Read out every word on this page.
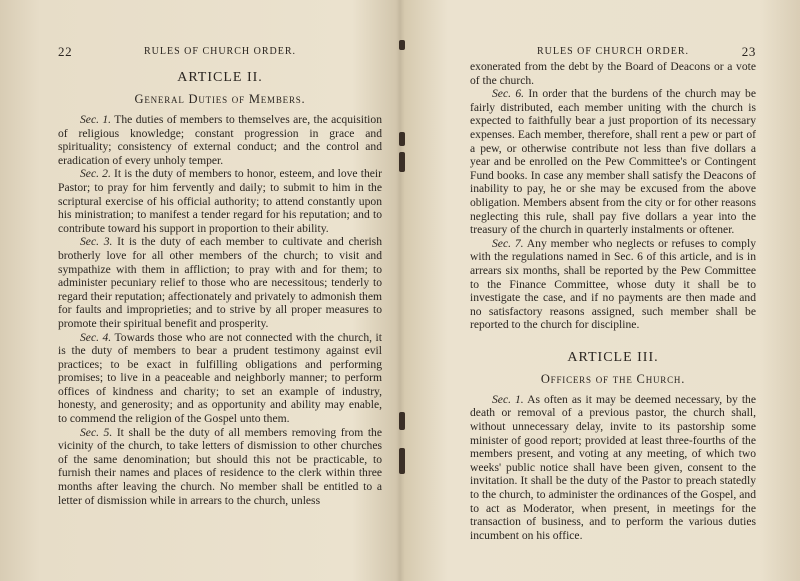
22	RULES OF CHURCH ORDER.
ARTICLE II.
General Duties of Members.

Sec. 1. The duties of members to themselves are, the acquisition of religious knowledge; constant progression in grace and spirituality; consistency of external conduct; and the control and eradication of every unholy temper.

Sec. 2. It is the duty of members to honor, esteem, and love their Pastor; to pray for him fervently and daily; to submit to him in the scriptural exercise of his official authority; to attend constantly upon his ministration; to manifest a tender regard for his reputation; and to contribute toward his support in proportion to their ability.

Sec. 3. It is the duty of each member to cultivate and cherish brotherly love for all other members of the church; to visit and sympathize with them in affliction; to pray with and for them; to administer pecuniary relief to those who are necessitous; tenderly to regard their reputation; affectionately and privately to admonish them for faults and improprieties; and to strive by all proper measures to promote their spiritual benefit and prosperity.

Sec. 4. Towards those who are not connected with the church, it is the duty of members to bear a prudent testimony against evil practices; to be exact in fulfilling obligations and performing promises; to live in a peaceable and neighborly manner; to perform offices of kindness and charity; to set an example of industry, honesty, and generosity; and as opportunity and ability may enable, to commend the religion of the Gospel unto them.

Sec. 5. It shall be the duty of all members removing from the vicinity of the church, to take letters of dismission to other churches of the same denomination; but should this not be practicable, to furnish their names and places of residence to the clerk within three months after leaving the church. No member shall be entitled to a letter of dismission while in arrears to the church, unless

RULES OF CHURCH ORDER.	23

exonerated from the debt by the Board of Deacons or a vote of the church.

Sec. 6. In order that the burdens of the church may be fairly distributed, each member uniting with the church is expected to faithfully bear a just proportion of its necessary expenses. Each member, therefore, shall rent a pew or part of a pew, or otherwise contribute not less than five dollars a year and be enrolled on the Pew Committee's or Contingent Fund books. In case any member shall satisfy the Deacons of inability to pay, he or she may be excused from the above obligation. Members absent from the city or for other reasons neglecting this rule, shall pay five dollars a year into the treasury of the church in quarterly instalments or oftener.

Sec. 7. Any member who neglects or refuses to comply with the regulations named in Sec. 6 of this article, and is in arrears six months, shall be reported by the Pew Committee to the Finance Committee, whose duty it shall be to investigate the case, and if no payments are then made and no satisfactory reasons assigned, such member shall be reported to the church for discipline.

ARTICLE III.
Officers of the Church.

Sec. 1. As often as it may be deemed necessary, by the death or removal of a previous pastor, the church shall, without unnecessary delay, invite to its pastorship some minister of good report; provided at least three-fourths of the members present, and voting at any meeting, of which two weeks' public notice shall have been given, consent to the invitation. It shall be the duty of the Pastor to preach statedly to the church, to administer the ordinances of the Gospel, and to act as Moderator, when present, in meetings for the transaction of business, and to perform the various duties incumbent on his office.
